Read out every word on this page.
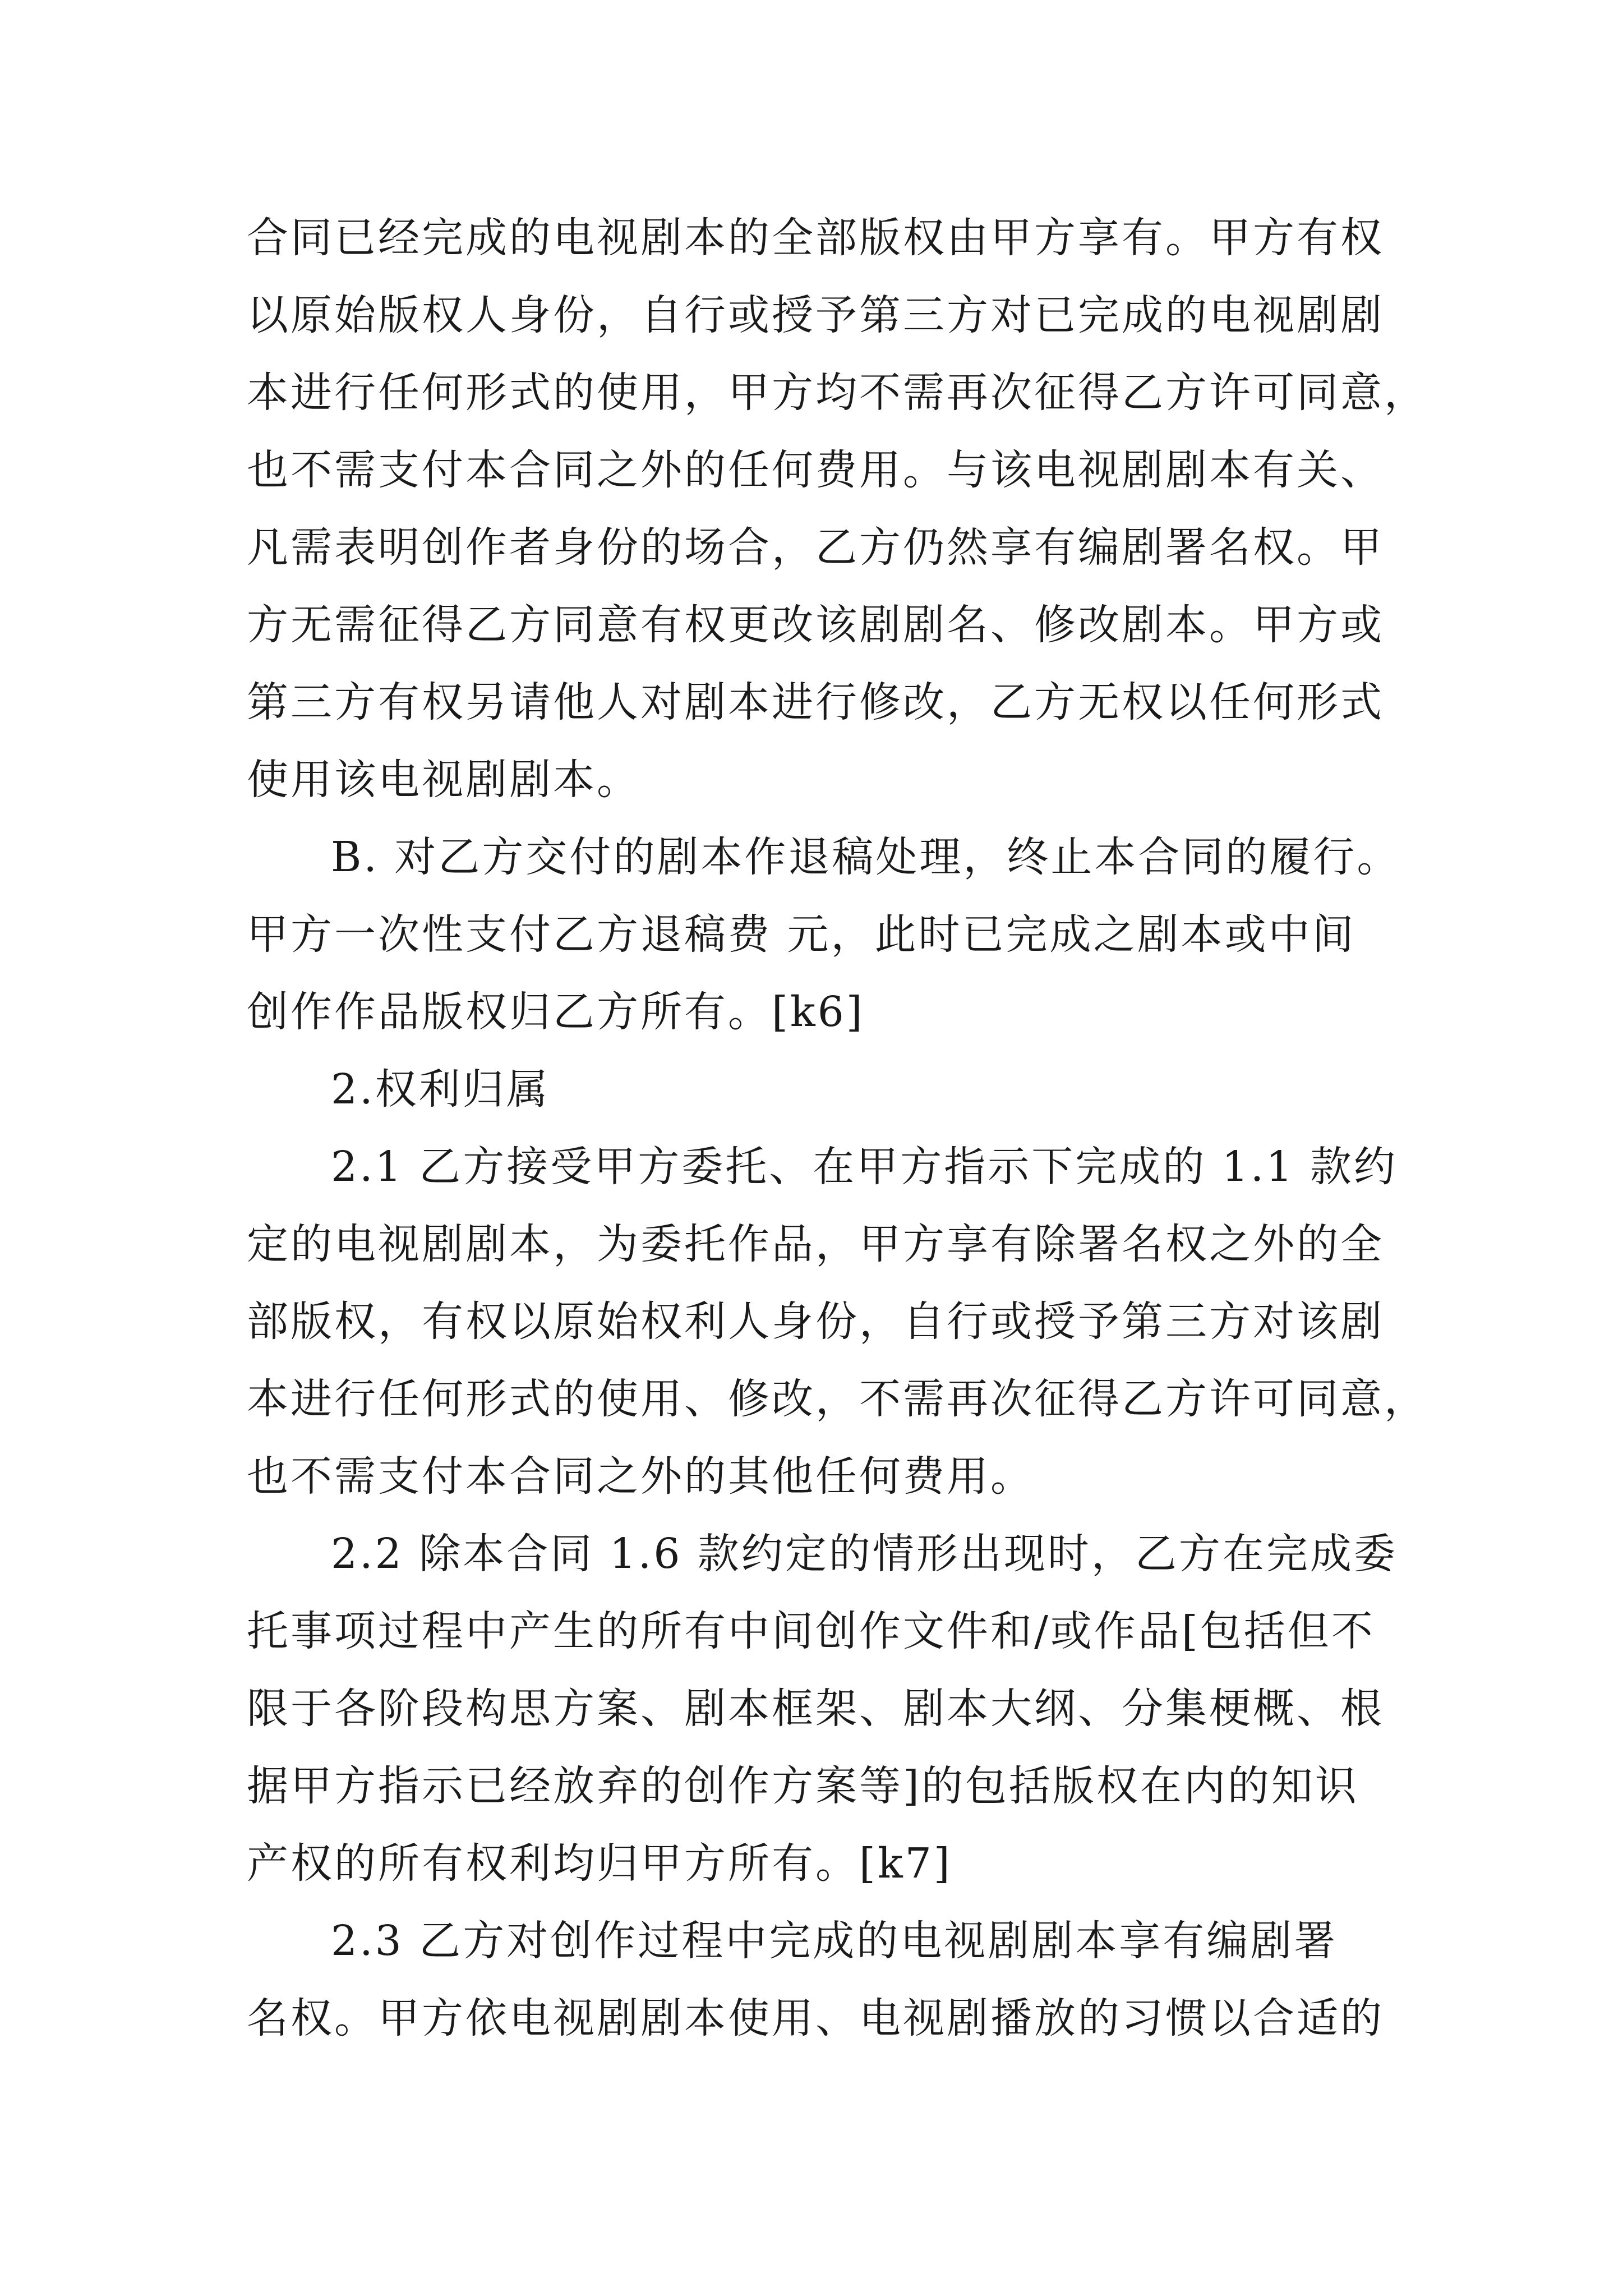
合同已经完成的电视剧本的全部版权由甲方享有。甲方有权
以原始版权人身份，自行或授予第三方对已完成的电视剧剧
本进行任何形式的使用，甲方均不需再次征得乙方许可同意，
也不需支付本合同之外的任何费用。与该电视剧剧本有关、
凡需表明创作者身份的场合，乙方仍然享有编剧署名权。甲
方无需征得乙方同意有权更改该剧剧名、修改剧本。甲方或
第三方有权另请他人对剧本进行修改，乙方无权以任何形式
使用该电视剧剧本。
B. 对乙方交付的剧本作退稿处理，终止本合同的履行。
甲方一次性支付乙方退稿费 元，此时已完成之剧本或中间
创作作品版权归乙方所有。[k6]
2.权利归属
2.1 乙方接受甲方委托、在甲方指示下完成的 1.1 款约
定的电视剧剧本，为委托作品，甲方享有除署名权之外的全
部版权，有权以原始权利人身份，自行或授予第三方对该剧
本进行任何形式的使用、修改，不需再次征得乙方许可同意，
也不需支付本合同之外的其他任何费用。
2.2 除本合同 1.6 款约定的情形出现时，乙方在完成委
托事项过程中产生的所有中间创作文件和/或作品[包括但不
限于各阶段构思方案、剧本框架、剧本大纲、分集梗概、根
据甲方指示已经放弃的创作方案等]的包括版权在内的知识
产权的所有权利均归甲方所有。[k7]
2.3 乙方对创作过程中完成的电视剧剧本享有编剧署
名权。甲方依电视剧剧本使用、电视剧播放的习惯以合适的
